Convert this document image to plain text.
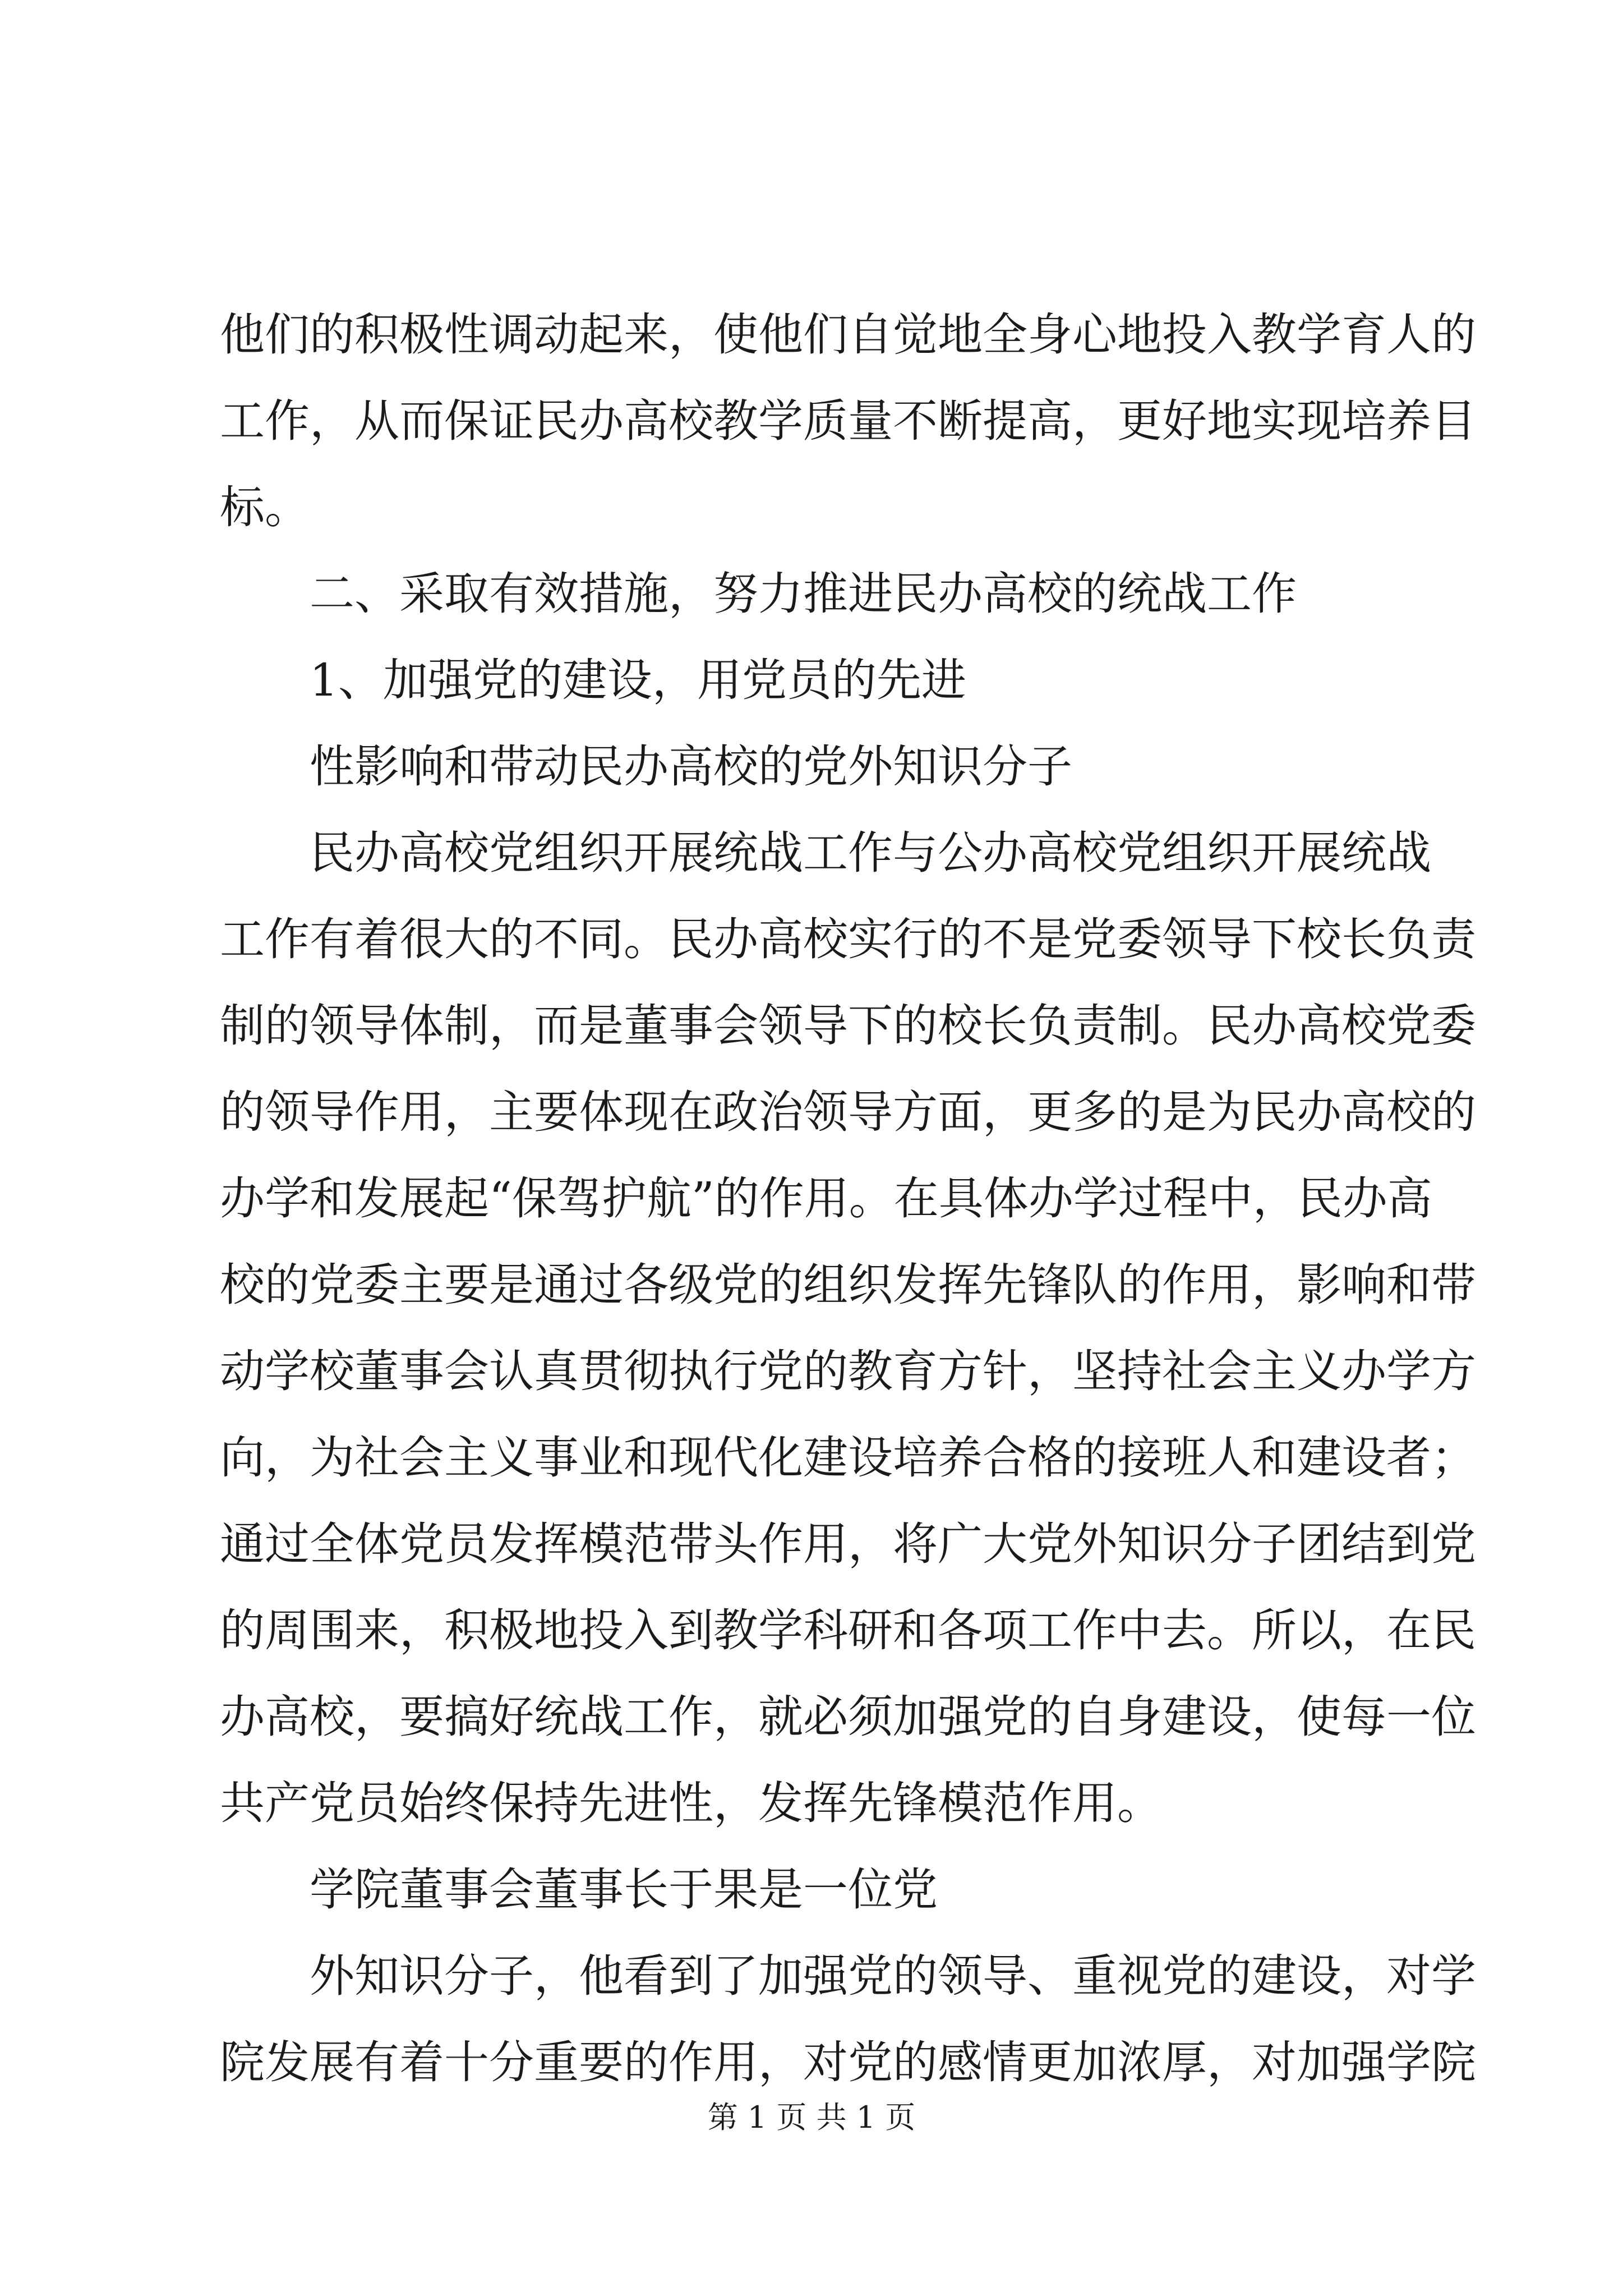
他们的积极性调动起来，使他们自觉地全身心地投入教学育人的
工作，从而保证民办高校教学质量不断提高，更好地实现培养目
标。
二、采取有效措施，努力推进民办高校的统战工作
1、加强党的建设，用党员的先进
性影响和带动民办高校的党外知识分子
民办高校党组织开展统战工作与公办高校党组织开展统战
工作有着很大的不同。民办高校实行的不是党委领导下校长负责
制的领导体制，而是董事会领导下的校长负责制。民办高校党委
的领导作用，主要体现在政治领导方面，更多的是为民办高校的
办学和发展起“保驾护航”的作用。在具体办学过程中，民办高
校的党委主要是通过各级党的组织发挥先锋队的作用，影响和带
动学校董事会认真贯彻执行党的教育方针，坚持社会主义办学方
向，为社会主义事业和现代化建设培养合格的接班人和建设者；
通过全体党员发挥模范带头作用，将广大党外知识分子团结到党
的周围来，积极地投入到教学科研和各项工作中去。所以，在民
办高校，要搞好统战工作，就必须加强党的自身建设，使每一位
共产党员始终保持先进性，发挥先锋模范作用。
学院董事会董事长于果是一位党
外知识分子，他看到了加强党的领导、重视党的建设，对学
院发展有着十分重要的作用，对党的感情更加浓厚，对加强学院
第 1 页 共 1 页
